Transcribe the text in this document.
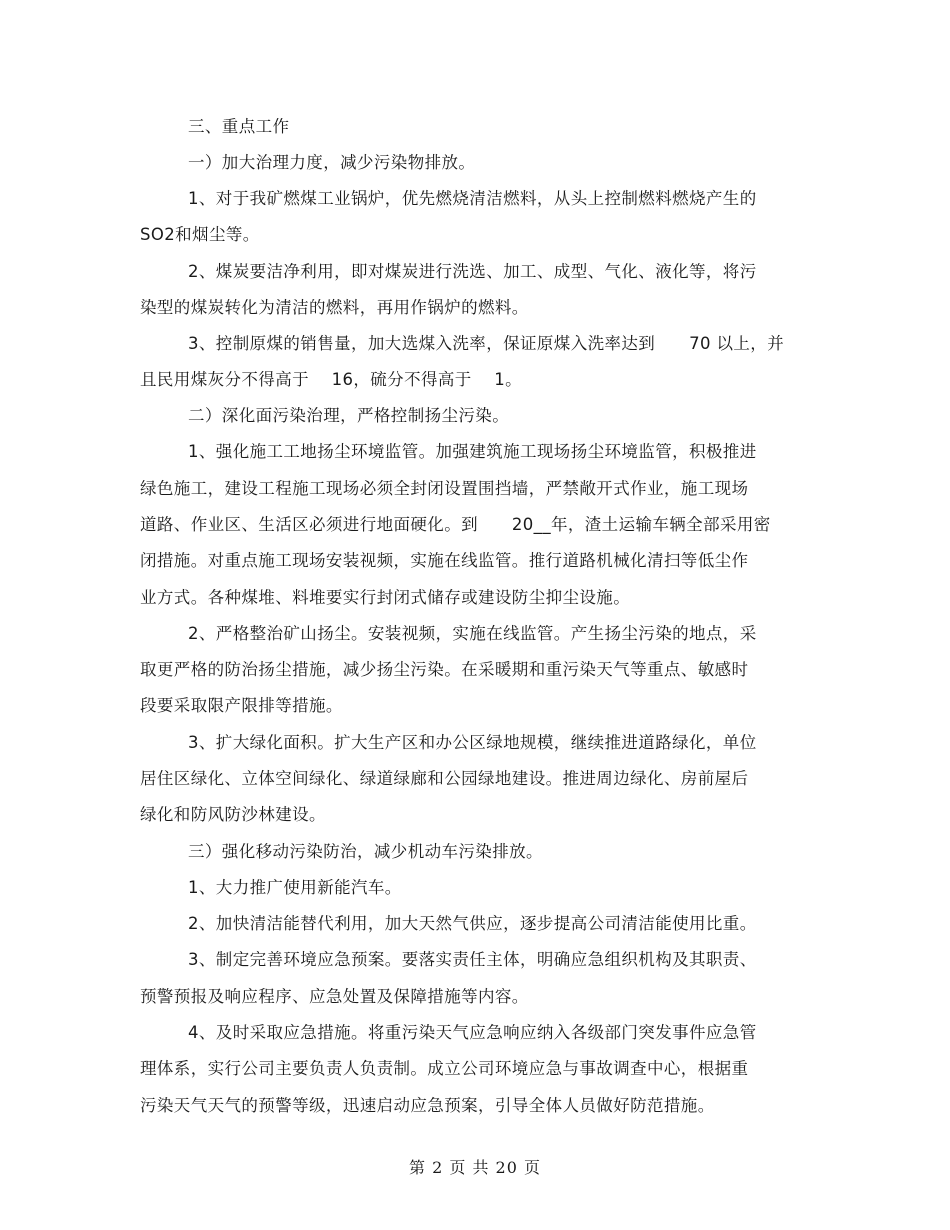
三、重点工作
一）加大治理力度，减少污染物排放。
1、对于我矿燃煤工业锅炉，优先燃烧清洁燃料，从头上控制燃料燃烧产生的
SO2和烟尘等。
2、煤炭要洁净利用，即对煤炭进行洗选、加工、成型、气化、液化等，将污
染型的煤炭转化为清洁的燃料，再用作锅炉的燃料。
3、控制原煤的销售量，加大选煤入洗率，保证原煤入洗率达到      70 以上，并
且民用煤灰分不得高于    16，硫分不得高于    1。
二）深化面污染治理，严格控制扬尘污染。
1、强化施工工地扬尘环境监管。加强建筑施工现场扬尘环境监管，积极推进
绿色施工，建设工程施工现场必须全封闭设置围挡墙，严禁敞开式作业，施工现场
道路、作业区、生活区必须进行地面硬化。到      20__年，渣土运输车辆全部采用密
闭措施。对重点施工现场安装视频，实施在线监管。推行道路机械化清扫等低尘作
业方式。各种煤堆、料堆要实行封闭式储存或建设防尘抑尘设施。
2、严格整治矿山扬尘。安装视频，实施在线监管。产生扬尘污染的地点，采
取更严格的防治扬尘措施，减少扬尘污染。在采暖期和重污染天气等重点、敏感时
段要采取限产限排等措施。
3、扩大绿化面积。扩大生产区和办公区绿地规模，继续推进道路绿化，单位
居住区绿化、立体空间绿化、绿道绿廊和公园绿地建设。推进周边绿化、房前屋后
绿化和防风防沙林建设。
三）强化移动污染防治，减少机动车污染排放。
1、大力推广使用新能汽车。
2、加快清洁能替代利用，加大天然气供应，逐步提高公司清洁能使用比重。
3、制定完善环境应急预案。要落实责任主体，明确应急组织机构及其职责、
预警预报及响应程序、应急处置及保障措施等内容。
4、及时采取应急措施。将重污染天气应急响应纳入各级部门突发事件应急管
理体系，实行公司主要负责人负责制。成立公司环境应急与事故调查中心，根据重
污染天气天气的预警等级，迅速启动应急预案，引导全体人员做好防范措施。
第 2 页 共 20 页
